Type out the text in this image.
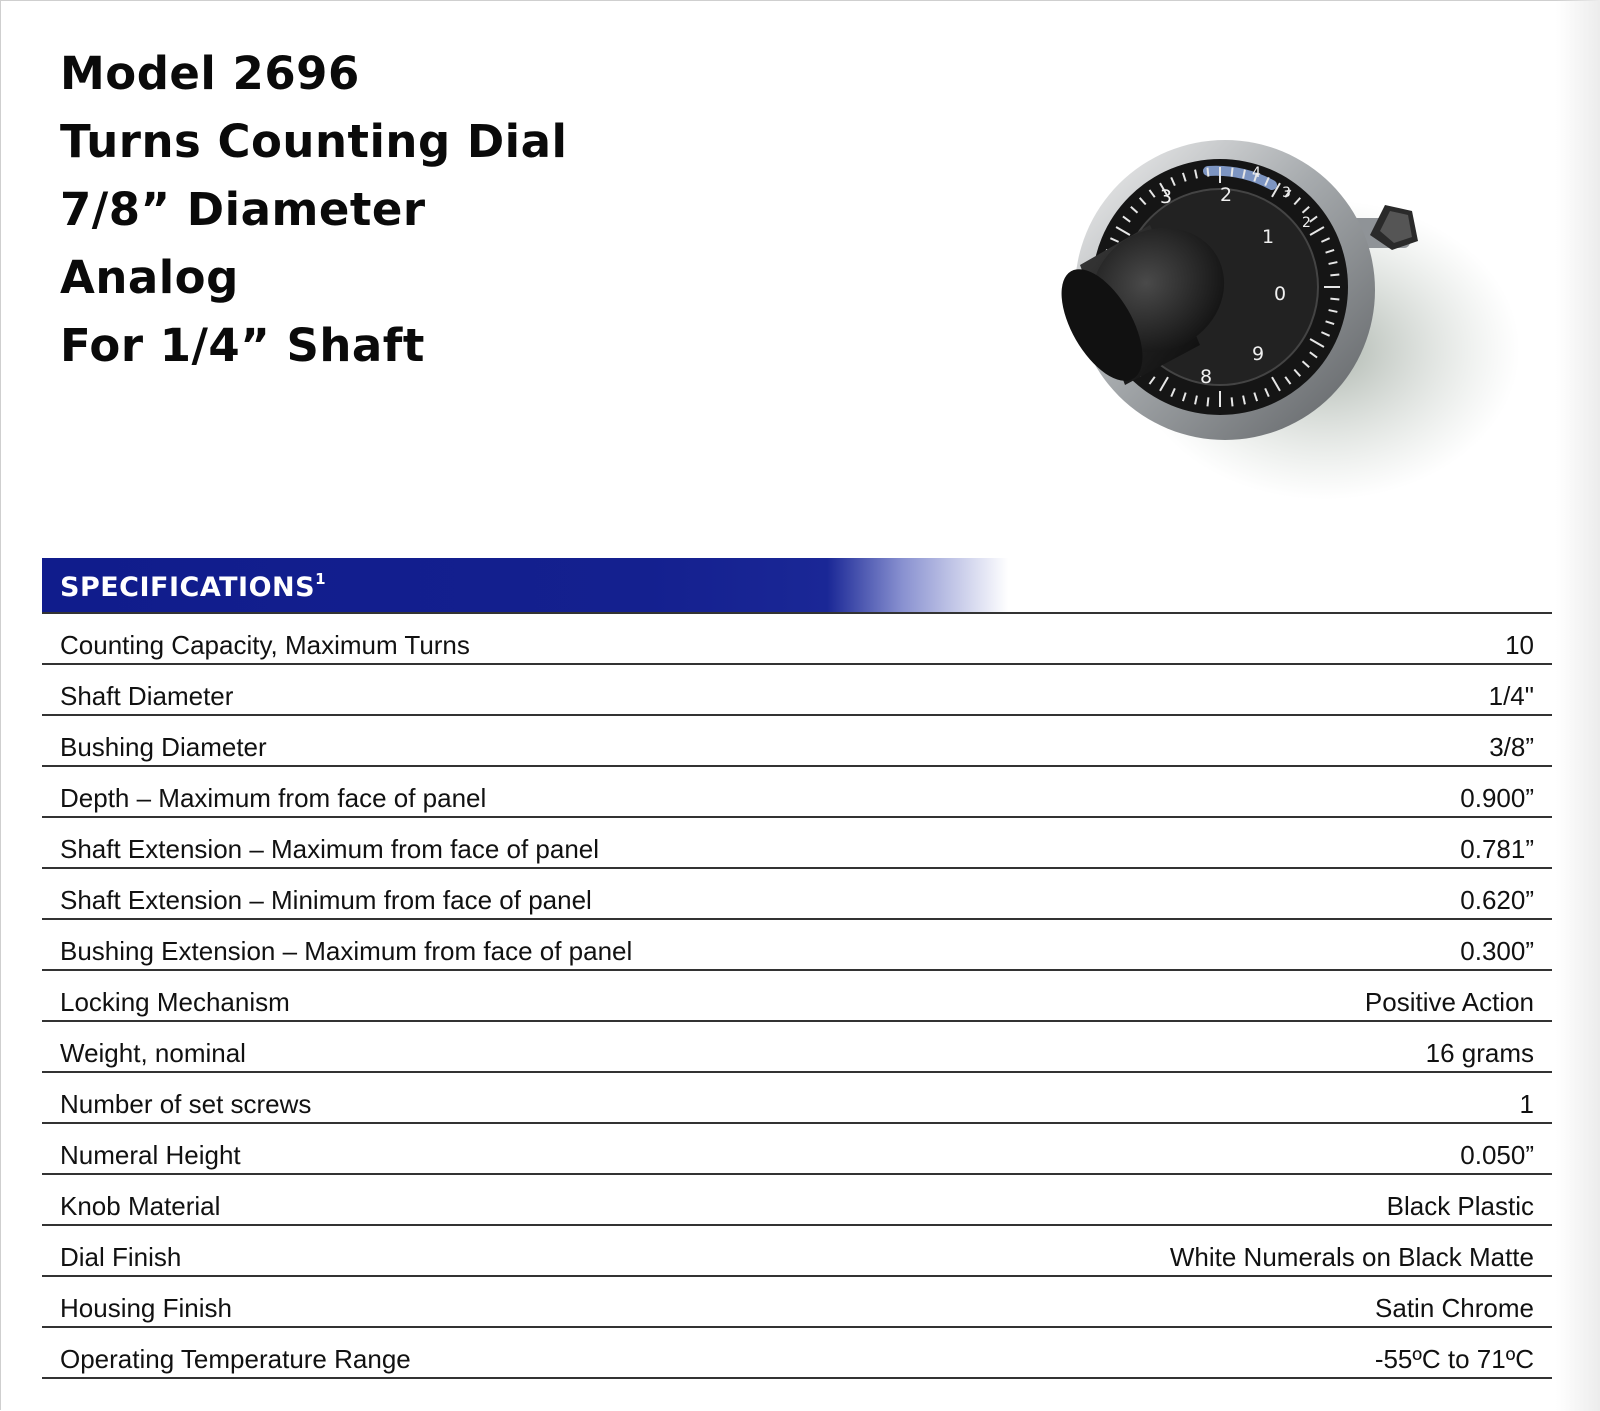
Model 2696
Turns Counting Dial
7/8” Diameter
Analog
For 1/4” Shaft
3	2
1
0
9
8
4
3
2
SPECIFICATIONS$^1$
Counting Capacity, Maximum Turns	10
Shaft Diameter	1/4"
Bushing Diameter	3/8”
Depth – Maximum from face of panel	0.900”
Shaft Extension – Maximum from face of panel	0.781”
Shaft Extension – Minimum from face of panel	0.620”
Bushing Extension – Maximum from face of panel	0.300”
Locking Mechanism	Positive Action
Weight, nominal	16 grams
Number of set screws	1
Numeral Height	0.050”
Knob Material	Black Plastic
Dial Finish	White Numerals on Black Matte
Housing Finish	Satin Chrome
Operating Temperature Range	-55ºC to 71ºC
